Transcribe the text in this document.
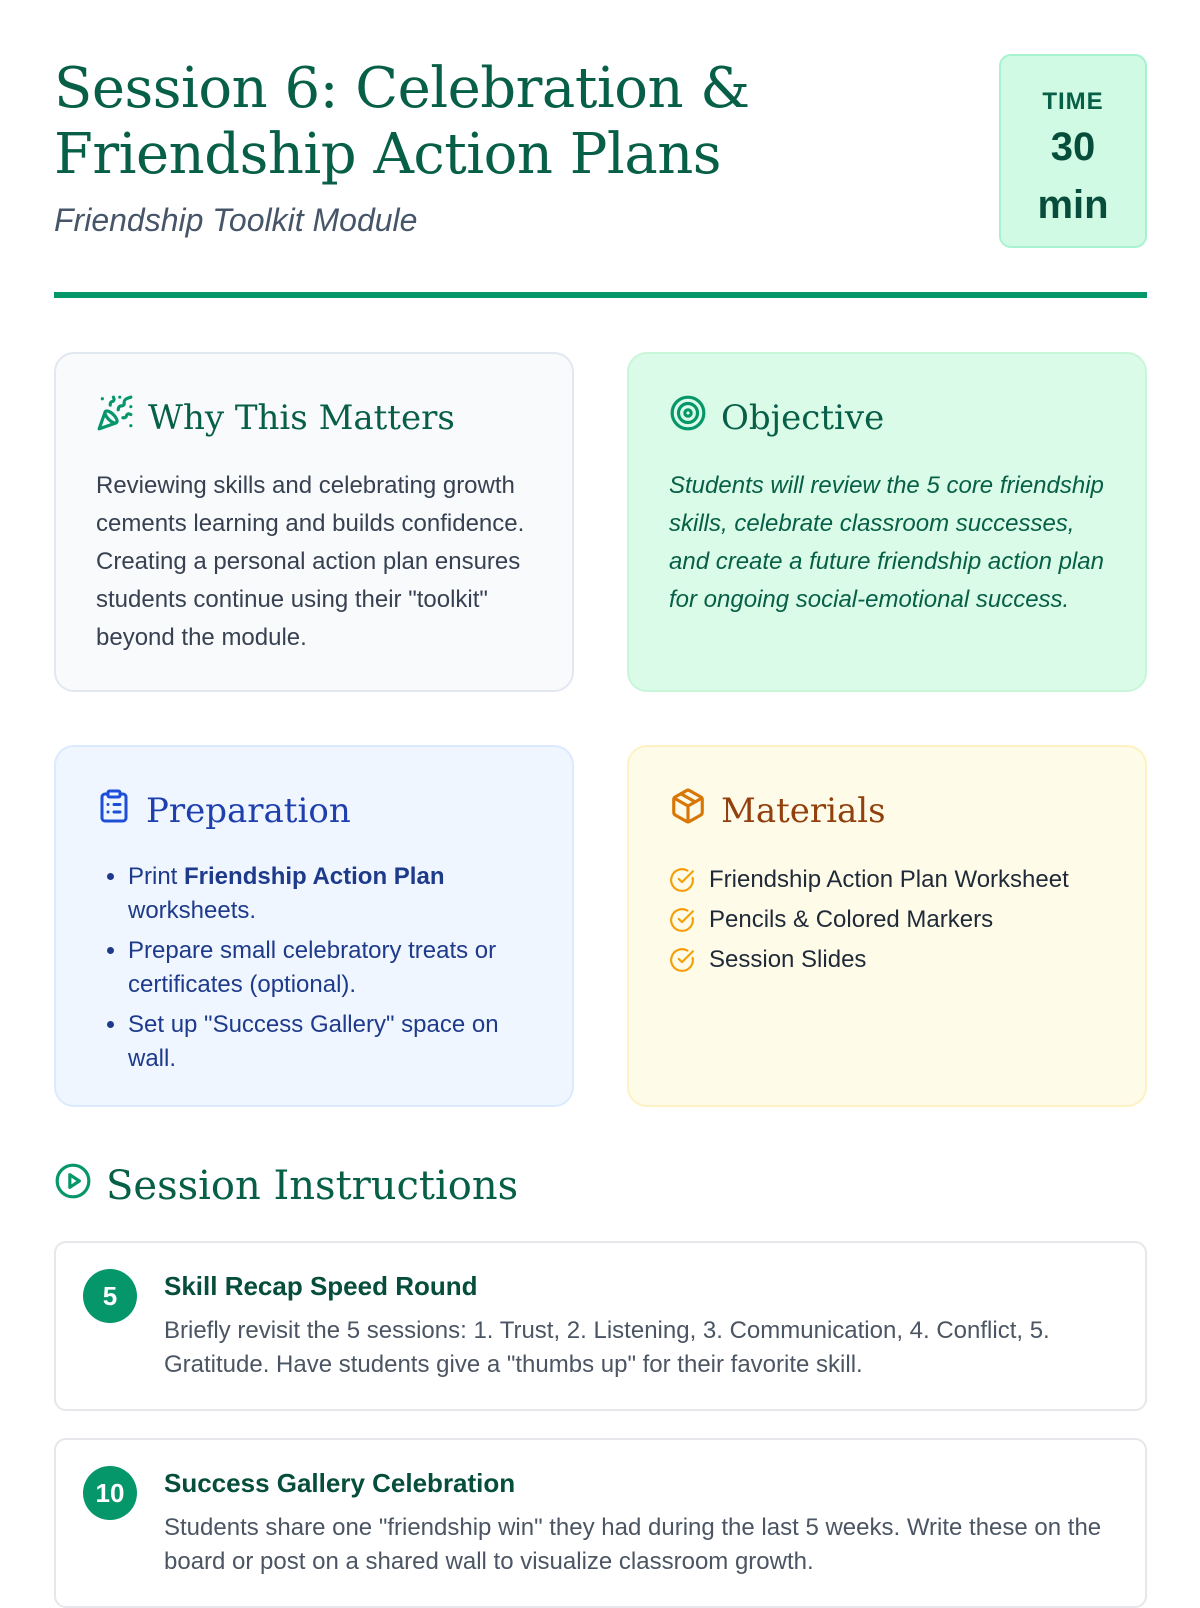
Session 6: Celebration & Friendship Action Plans
Friendship Toolkit Module
TIME
30
min
Why This Matters
Reviewing skills and celebrating growth cements learning and builds confidence. Creating a personal action plan ensures students continue using their "toolkit" beyond the module.
Objective
Students will review the 5 core friendship skills, celebrate classroom successes, and create a future friendship action plan for ongoing social-emotional success.
Preparation
• Print Friendship Action Plan worksheets.
• Prepare small celebratory treats or certificates (optional).
• Set up "Success Gallery" space on wall.
Materials
Friendship Action Plan Worksheet
Pencils & Colored Markers
Session Slides
Session Instructions
5	Skill Recap Speed Round
Briefly revisit the 5 sessions: 1. Trust, 2. Listening, 3. Communication, 4. Conflict, 5. Gratitude. Have students give a "thumbs up" for their favorite skill.
10	Success Gallery Celebration
Students share one "friendship win" they had during the last 5 weeks. Write these on the board or post on a shared wall to visualize classroom growth.
